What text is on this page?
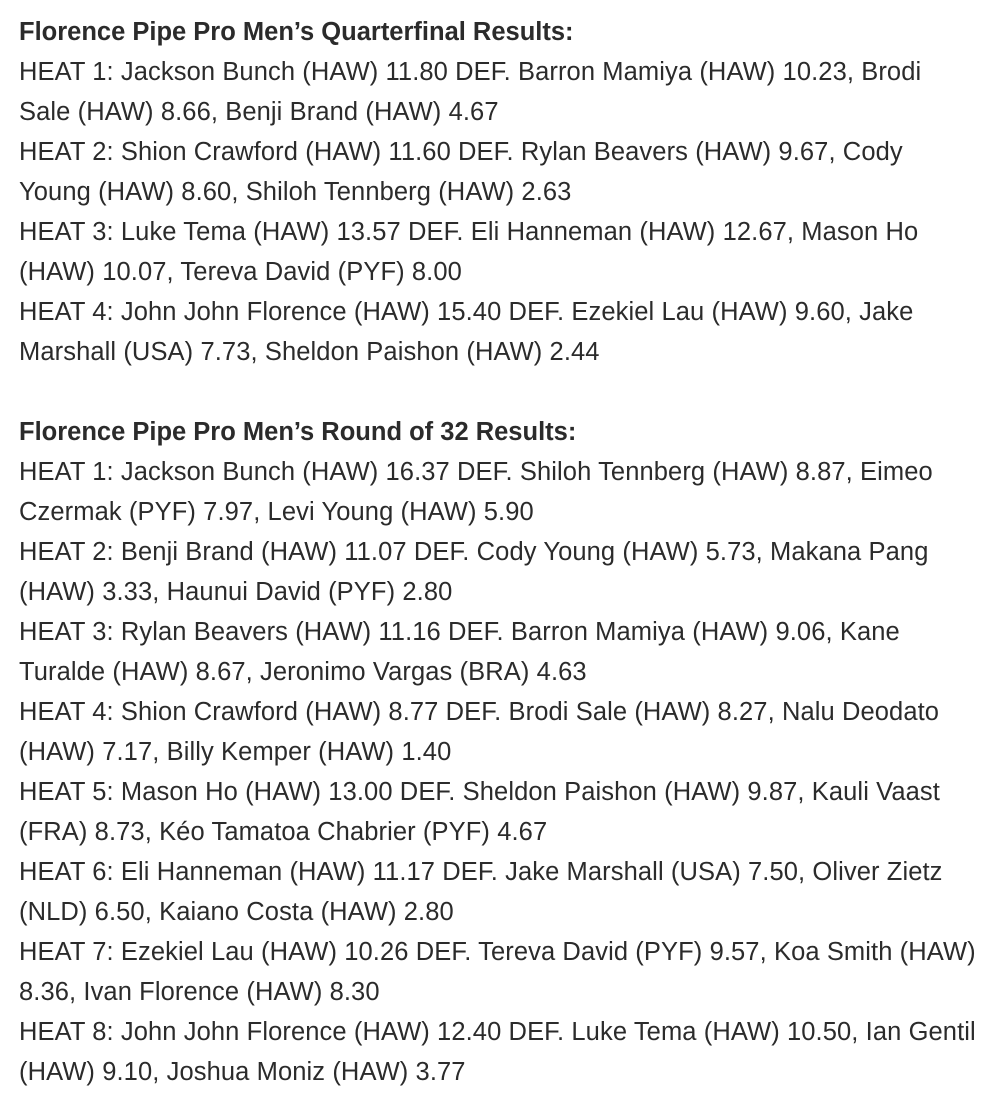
Florence Pipe Pro Men’s Quarterfinal Results:
HEAT 1: Jackson Bunch (HAW) 11.80 DEF. Barron Mamiya (HAW) 10.23, Brodi Sale (HAW) 8.66, Benji Brand (HAW) 4.67
HEAT 2: Shion Crawford (HAW) 11.60 DEF. Rylan Beavers (HAW) 9.67, Cody Young (HAW) 8.60, Shiloh Tennberg (HAW) 2.63
HEAT 3: Luke Tema (HAW) 13.57 DEF. Eli Hanneman (HAW) 12.67, Mason Ho (HAW) 10.07, Tereva David (PYF) 8.00
HEAT 4: John John Florence (HAW) 15.40 DEF. Ezekiel Lau (HAW) 9.60, Jake Marshall (USA) 7.73, Sheldon Paishon (HAW) 2.44
Florence Pipe Pro Men’s Round of 32 Results:
HEAT 1: Jackson Bunch (HAW) 16.37 DEF. Shiloh Tennberg (HAW) 8.87, Eimeo Czermak (PYF) 7.97, Levi Young (HAW) 5.90
HEAT 2: Benji Brand (HAW) 11.07 DEF. Cody Young (HAW) 5.73, Makana Pang (HAW) 3.33, Haunui David (PYF) 2.80
HEAT 3: Rylan Beavers (HAW) 11.16 DEF. Barron Mamiya (HAW) 9.06, Kane Turalde (HAW) 8.67, Jeronimo Vargas (BRA) 4.63
HEAT 4: Shion Crawford (HAW) 8.77 DEF. Brodi Sale (HAW) 8.27, Nalu Deodato (HAW) 7.17, Billy Kemper (HAW) 1.40
HEAT 5: Mason Ho (HAW) 13.00 DEF. Sheldon Paishon (HAW) 9.87, Kauli Vaast (FRA) 8.73, Kéo Tamatoa Chabrier (PYF) 4.67
HEAT 6: Eli Hanneman (HAW) 11.17 DEF. Jake Marshall (USA) 7.50, Oliver Zietz (NLD) 6.50, Kaiano Costa (HAW) 2.80
HEAT 7: Ezekiel Lau (HAW) 10.26 DEF. Tereva David (PYF) 9.57, Koa Smith (HAW) 8.36, Ivan Florence (HAW) 8.30
HEAT 8: John John Florence (HAW) 12.40 DEF. Luke Tema (HAW) 10.50, Ian Gentil (HAW) 9.10, Joshua Moniz (HAW) 3.77
